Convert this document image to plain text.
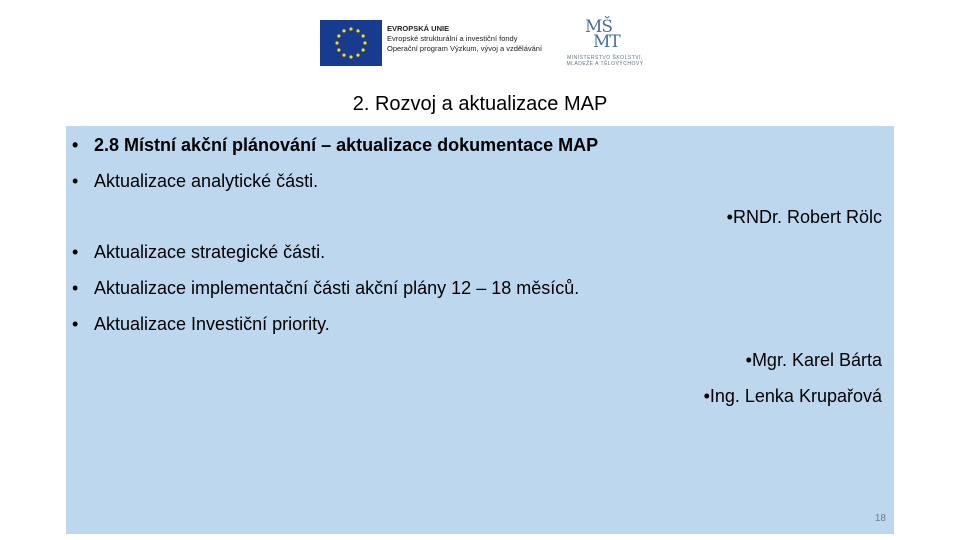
EVROPSKÁ UNIE
Evropské strukturální a investiční fondy
Operační program Výzkum, vývoj a vzdělávání
MŠ
MT
MINISTERSTVO ŠKOLSTVÍ,
MLÁDEŽE A TĚLOVÝCHOVY
2. Rozvoj a aktualizace MAP
• 2.8 Místní akční plánování – aktualizace dokumentace MAP
• Aktualizace analytické části.
•RNDr. Robert Rölc
• Aktualizace strategické části.
• Aktualizace implementační části akční plány 12 – 18 měsíců.
• Aktualizace Investiční priority.
•Mgr. Karel Bárta
•Ing. Lenka Krupařová
18
